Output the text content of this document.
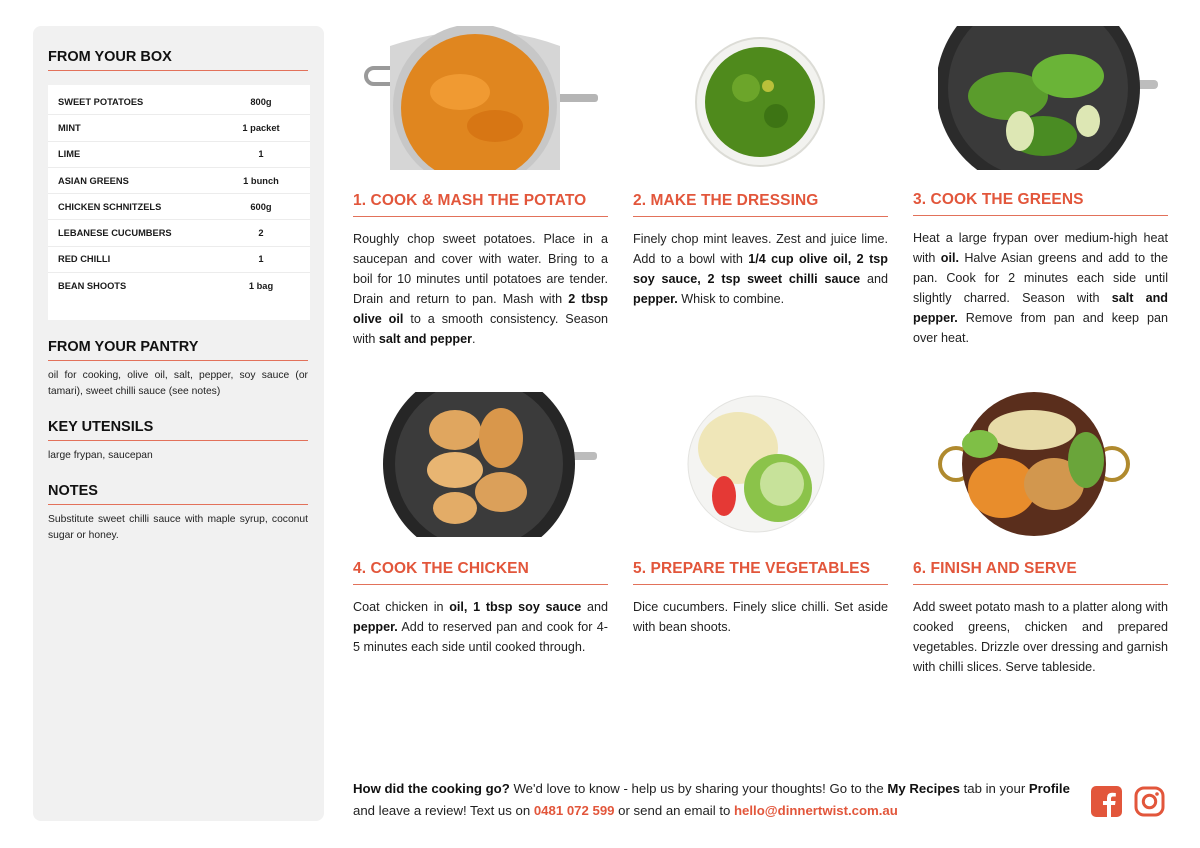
FROM YOUR BOX
SWEET POTATOES	800g
MINT	1 packet
LIME	1
ASIAN GREENS	1 bunch
CHICKEN SCHNITZELS	600g
LEBANESE CUCUMBERS	2
RED CHILLI	1
BEAN SHOOTS	1 bag
FROM YOUR PANTRY
oil for cooking, olive oil, salt, pepper, soy sauce (or tamari), sweet chilli sauce (see notes)
KEY UTENSILS
large frypan, saucepan
NOTES
Substitute sweet chilli sauce with maple syrup, coconut sugar or honey.
1. COOK & MASH THE POTATO
Roughly chop sweet potatoes. Place in a saucepan and cover with water. Bring to a boil for 10 minutes until potatoes are tender. Drain and return to pan. Mash with 2 tbsp olive oil to a smooth consistency. Season with salt and pepper.
2. MAKE THE DRESSING
Finely chop mint leaves. Zest and juice lime. Add to a bowl with 1/4 cup olive oil, 2 tsp soy sauce, 2 tsp sweet chilli sauce and pepper. Whisk to combine.
3. COOK THE GREENS
Heat a large frypan over medium-high heat with oil. Halve Asian greens and add to the pan. Cook for 2 minutes each side until slightly charred. Season with salt and pepper. Remove from pan and keep pan over heat.
4. COOK THE CHICKEN
Coat chicken in oil, 1 tbsp soy sauce and pepper. Add to reserved pan and cook for 4-5 minutes each side until cooked through.
5. PREPARE THE VEGETABLES
Dice cucumbers. Finely slice chilli. Set aside with bean shoots.
6. FINISH AND SERVE
Add sweet potato mash to a platter along with cooked greens, chicken and prepared vegetables. Drizzle over dressing and garnish with chilli slices. Serve tableside.
How did the cooking go? We'd love to know - help us by sharing your thoughts! Go to the My Recipes tab in your Profile and leave a review! Text us on 0481 072 599 or send an email to hello@dinnertwist.com.au
